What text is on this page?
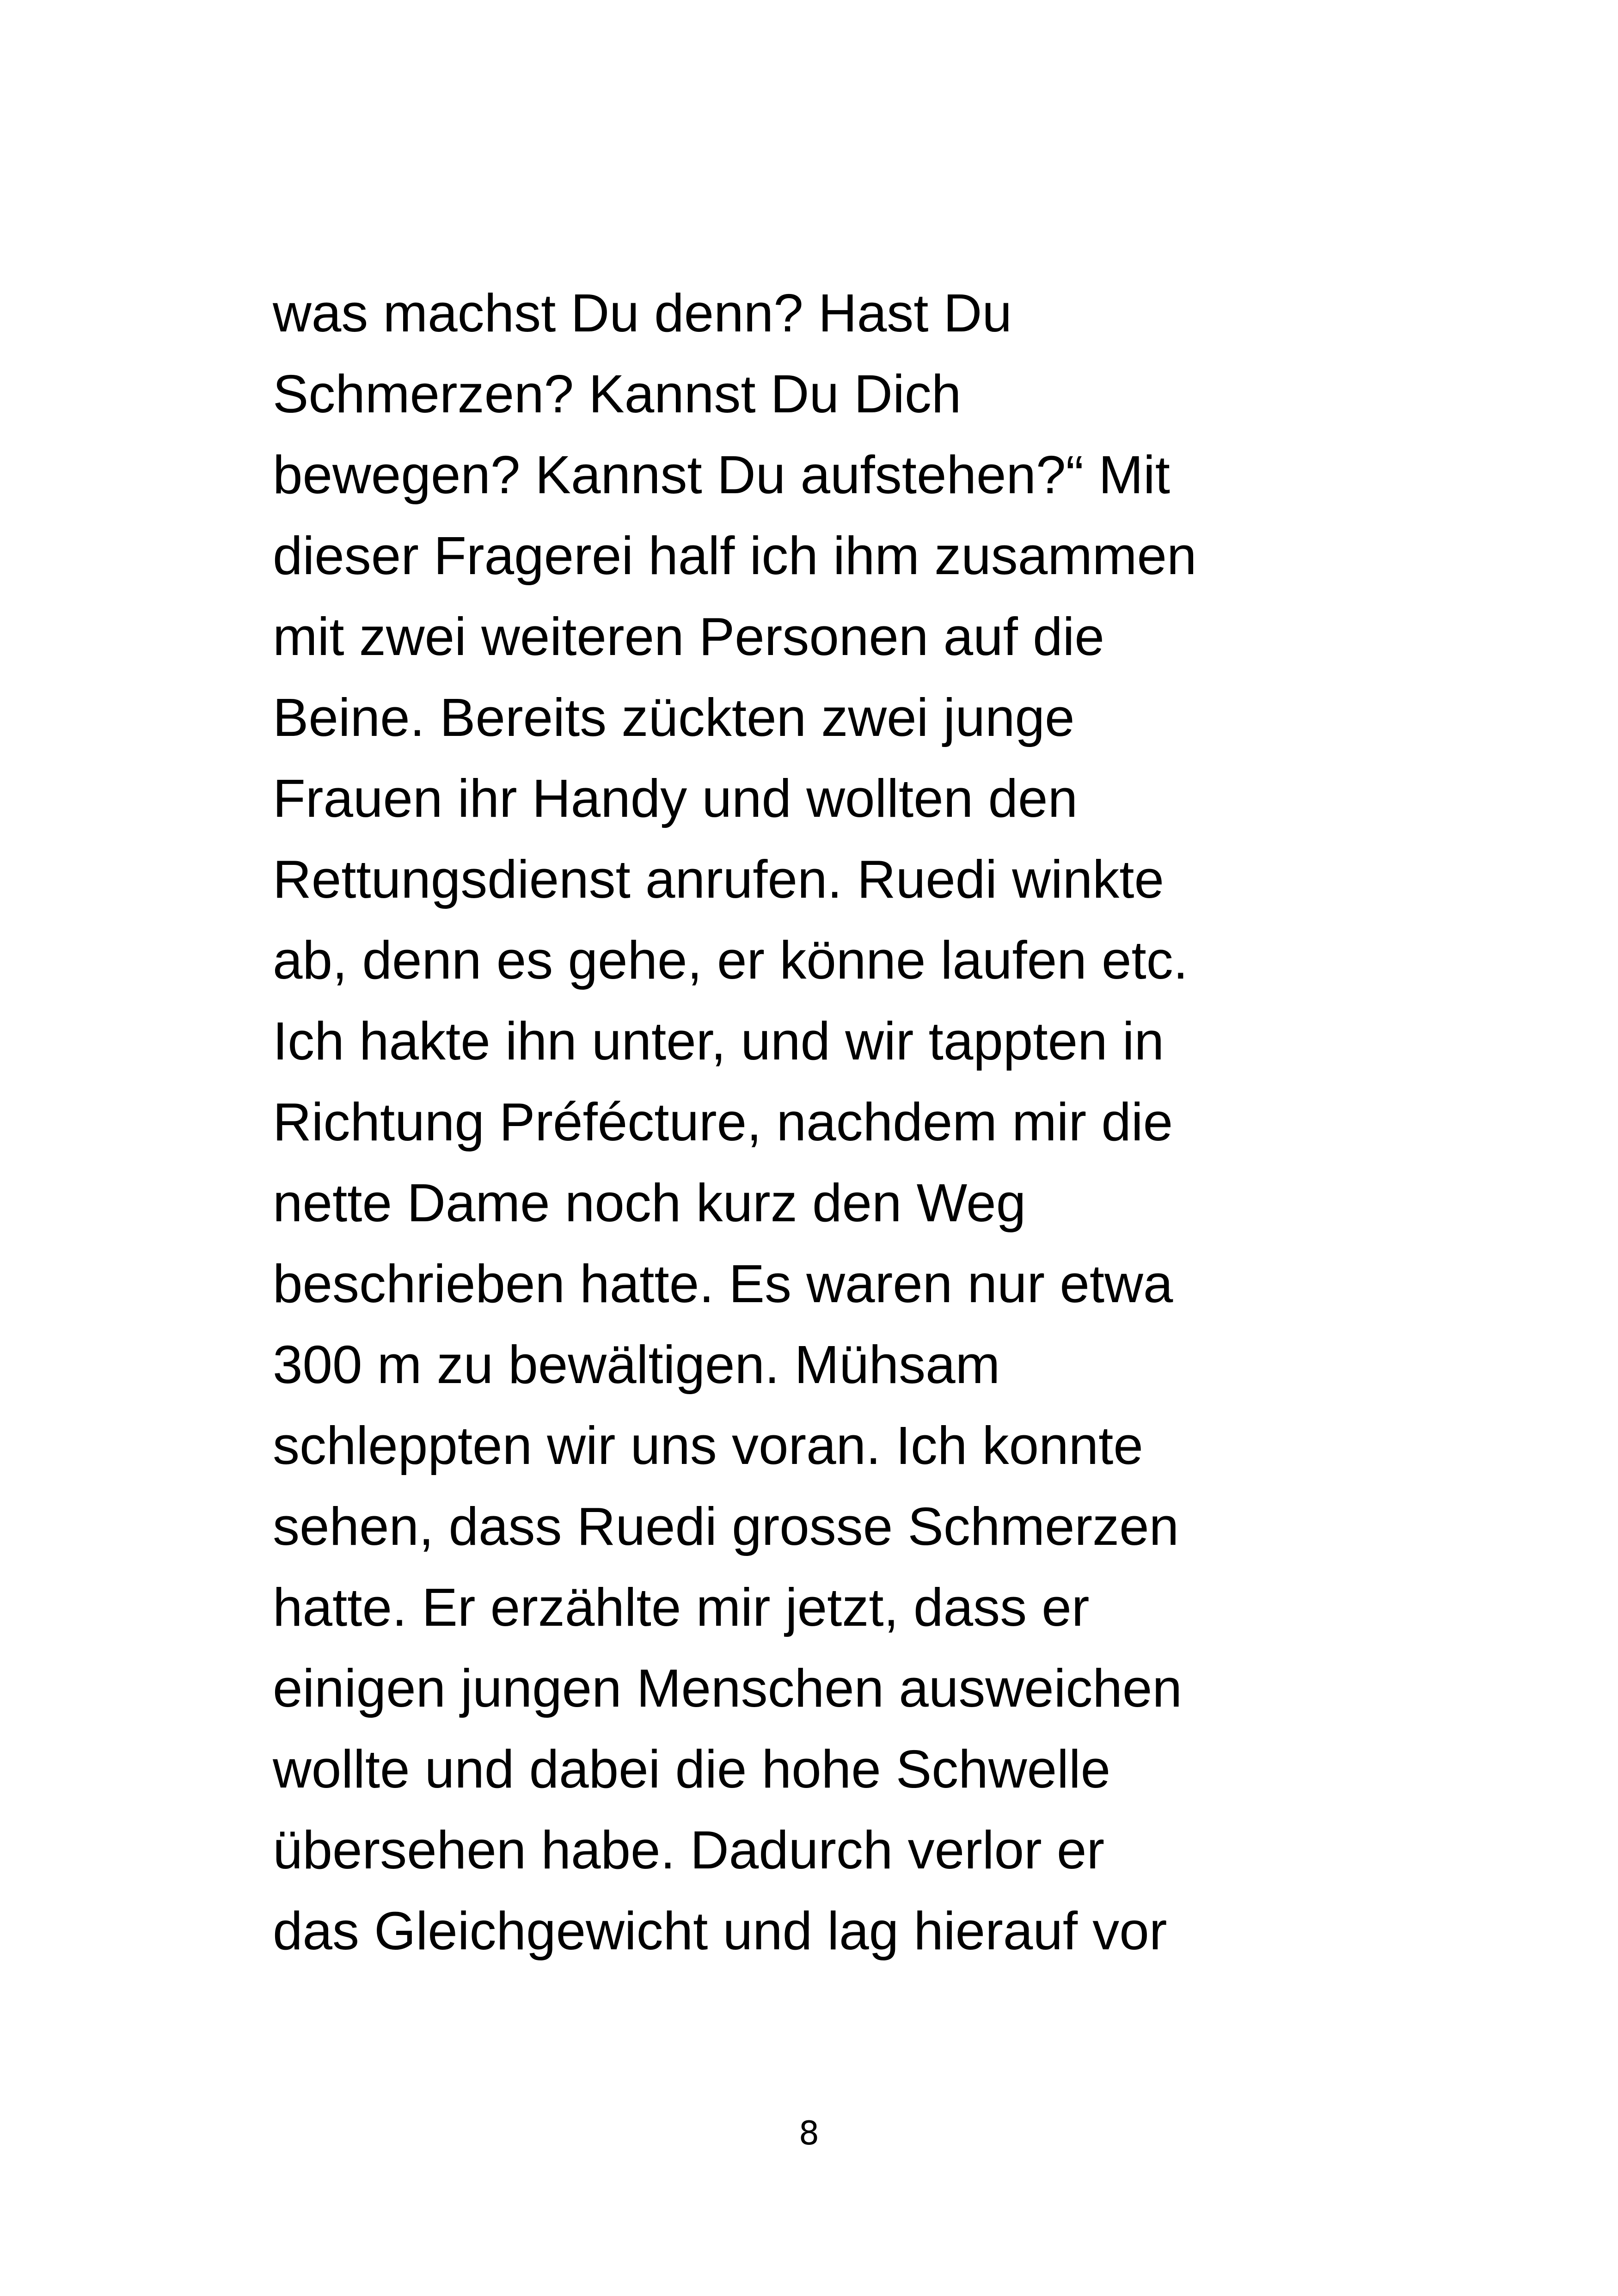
was machst Du denn? Hast Du
Schmerzen? Kannst Du Dich
bewegen? Kannst Du aufstehen?“ Mit
dieser Fragerei half ich ihm zusammen
mit zwei weiteren Personen auf die
Beine. Bereits zückten zwei junge
Frauen ihr Handy und wollten den
Rettungsdienst anrufen. Ruedi winkte
ab, denn es gehe, er könne laufen etc.
Ich hakte ihn unter, und wir tappten in
Richtung Préfécture, nachdem mir die
nette Dame noch kurz den Weg
beschrieben hatte. Es waren nur etwa
300 m zu bewältigen. Mühsam
schleppten wir uns voran. Ich konnte
sehen, dass Ruedi grosse Schmerzen
hatte. Er erzählte mir jetzt, dass er
einigen jungen Menschen ausweichen
wollte und dabei die hohe Schwelle
übersehen habe. Dadurch verlor er
das Gleichgewicht und lag hierauf vor
8
